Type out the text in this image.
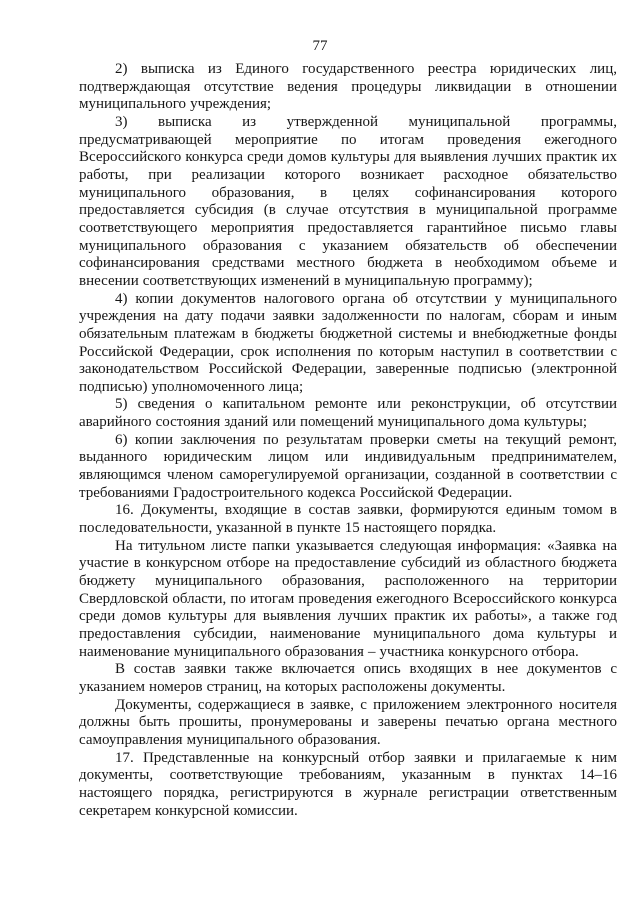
77

2) выписка из Единого государственного реестра юридических лиц, подтверждающая отсутствие ведения процедуры ликвидации в отношении муниципального учреждения;

3) выписка из утвержденной муниципальной программы, предусматривающей мероприятие по итогам проведения ежегодного Всероссийского конкурса среди домов культуры для выявления лучших практик их работы, при реализации которого возникает расходное обязательство муниципального образования, в целях софинансирования которого предоставляется субсидия (в случае отсутствия в муниципальной программе соответствующего мероприятия предоставляется гарантийное письмо главы муниципального образования с указанием обязательств об обеспечении софинансирования средствами местного бюджета в необходимом объеме и внесении соответствующих изменений в муниципальную программу);

4) копии документов налогового органа об отсутствии у муниципального учреждения на дату подачи заявки задолженности по налогам, сборам и иным обязательным платежам в бюджеты бюджетной системы и внебюджетные фонды Российской Федерации, срок исполнения по которым наступил в соответствии с законодательством Российской Федерации, заверенные подписью (электронной подписью) уполномоченного лица;

5) сведения о капитальном ремонте или реконструкции, об отсутствии аварийного состояния зданий или помещений муниципального дома культуры;

6) копии заключения по результатам проверки сметы на текущий ремонт, выданного юридическим лицом или индивидуальным предпринимателем, являющимся членом саморегулируемой организации, созданной в соответствии с требованиями Градостроительного кодекса Российской Федерации.

16. Документы, входящие в состав заявки, формируются единым томом в последовательности, указанной в пункте 15 настоящего порядка.

На титульном листе папки указывается следующая информация: «Заявка на участие в конкурсном отборе на предоставление субсидий из областного бюджета бюджету муниципального образования, расположенного на территории Свердловской области, по итогам проведения ежегодного Всероссийского конкурса среди домов культуры для выявления лучших практик их работы», а также год предоставления субсидии, наименование муниципального дома культуры и наименование муниципального образования – участника конкурсного отбора.

В состав заявки также включается опись входящих в нее документов с указанием номеров страниц, на которых расположены документы.

Документы, содержащиеся в заявке, с приложением электронного носителя должны быть прошиты, пронумерованы и заверены печатью органа местного самоуправления муниципального образования.

17. Представленные на конкурсный отбор заявки и прилагаемые к ним документы, соответствующие требованиям, указанным в пунктах 14–16 настоящего порядка, регистрируются в журнале регистрации ответственным секретарем конкурсной комиссии.
